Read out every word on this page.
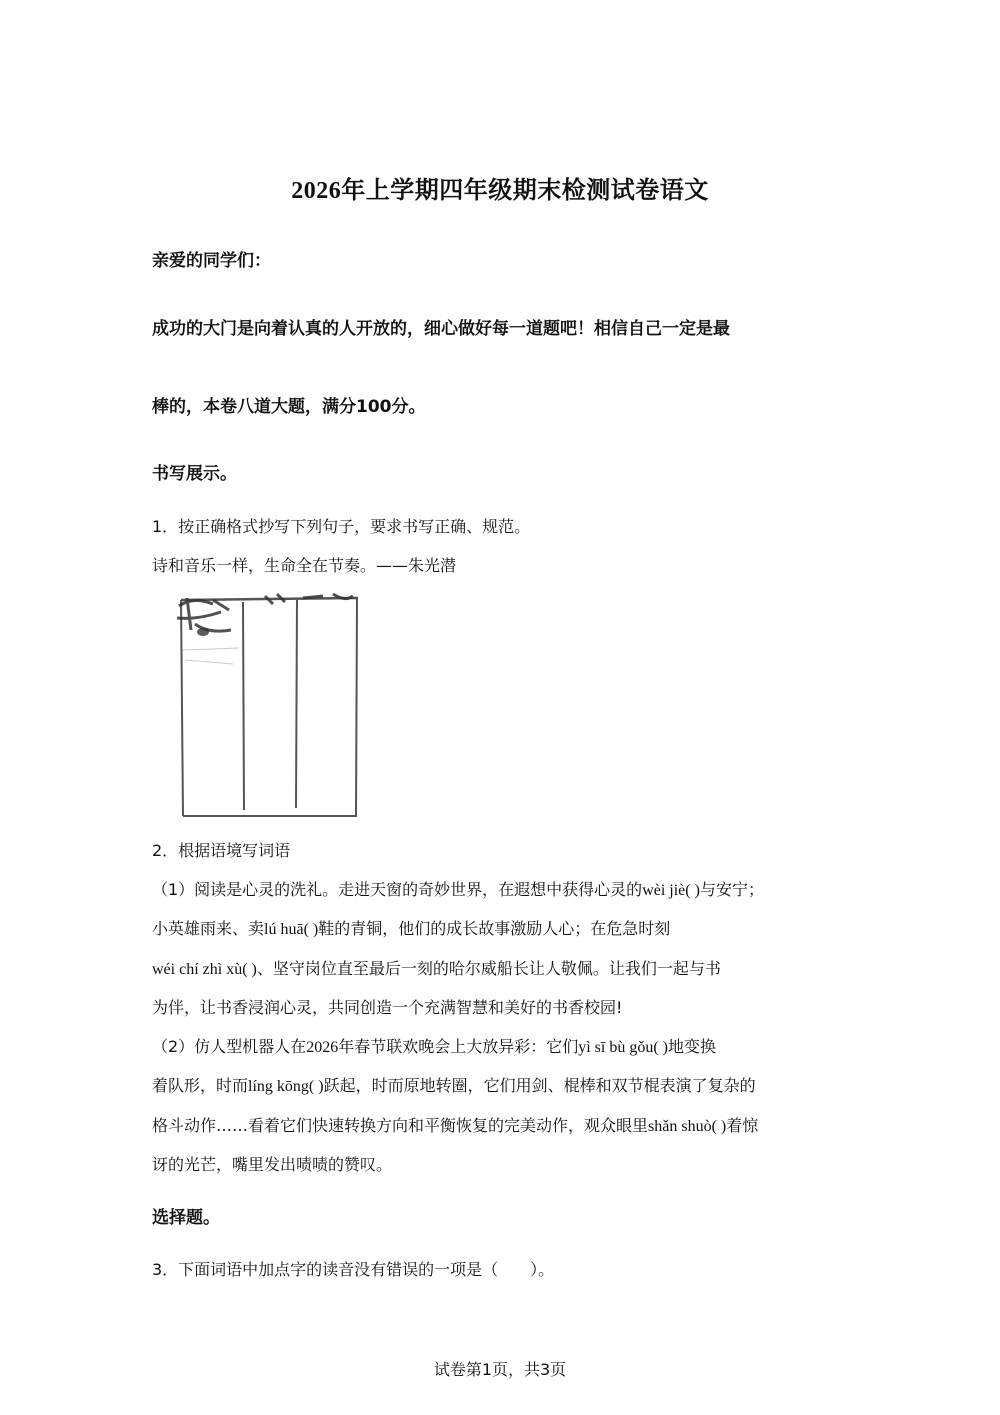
2026年上学期四年级期末检测试卷语文
亲爱的同学们：
成功的大门是向着认真的人开放的，细心做好每一道题吧！相信自己一定是最
棒的，本卷八道大题，满分100分。
书写展示。
1．按正确格式抄写下列句子，要求书写正确、规范。
诗和音乐一样，生命全在节奏。——朱光潜
2．根据语境写词语
（1）阅读是心灵的洗礼。走进天窗的奇妙世界，在遐想中获得心灵的wèi jiè( )与安宁；
小英雄雨来、卖lú huā( )鞋的青铜，他们的成长故事激励人心；在危急时刻
wéi chí zhì xù( )、坚守岗位直至最后一刻的哈尔威船长让人敬佩。让我们一起与书
为伴，让书香浸润心灵，共同创造一个充满智慧和美好的书香校园!
（2）仿人型机器人在2026年春节联欢晚会上大放异彩：它们yì sī bù gǒu( )地变换
着队形，时而líng kōng( )跃起，时而原地转圈，它们用剑、棍棒和双节棍表演了复杂的
格斗动作……看着它们快速转换方向和平衡恢复的完美动作，观众眼里shǎn shuò( )着惊
讶的光芒，嘴里发出啧啧的赞叹。
选择题。
3．下面词语中加点字的读音没有错误的一项是（　　）。
试卷第1页，共3页
